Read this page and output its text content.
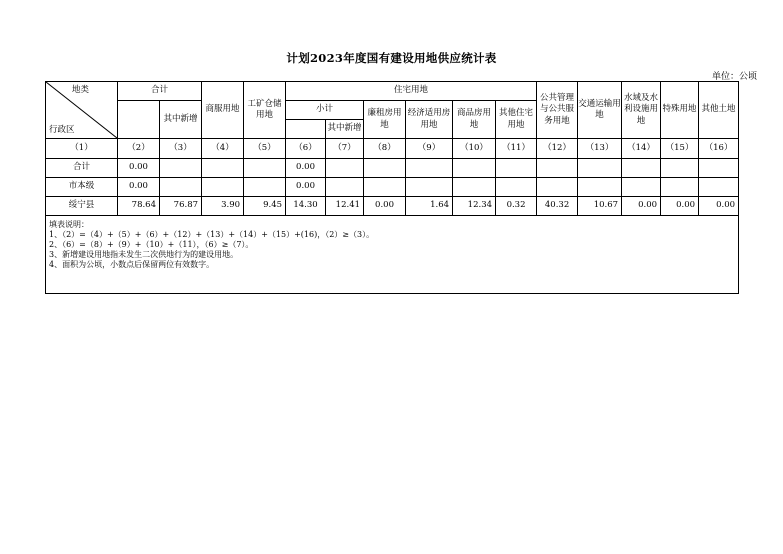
计划2023年度国有建设用地供应统计表
单位：公顷
地类
行政区	合计		商服用地	工矿仓储用地	住宅用地						公共管理与公共服务用地	交通运输用地	水域及水利设施用地	特殊用地	其他土地
		其中新增			小计		廉租房用地	经济适用房用地	商品房用地	其他住宅用地					
						其中新增									
（1）	（2）	（3）	（4）	（5）	（6）	（7）	（8）	（9）	（10）	（11）	（12）	（13）	（14）	（15）	（16）
合计	0.00				0.00										
市本级	0.00				0.00										
绥宁县	78.64	76.87	3.90	9.45	14.30	12.41	0.00	1.64	12.34	0.32	40.32	10.67	0.00	0.00	0.00

填表说明：
1、（2）=（4）+（5）+（6）+（12）+（13）+（14）+（15）+(16)，（2）≥（3）。
2、（6）=（8）+（9）+（10）+（11），（6）≥（7）。
3、新增建设用地指未发生二次供地行为的建设用地。
4、面积为公顷，小数点后保留两位有效数字。															
